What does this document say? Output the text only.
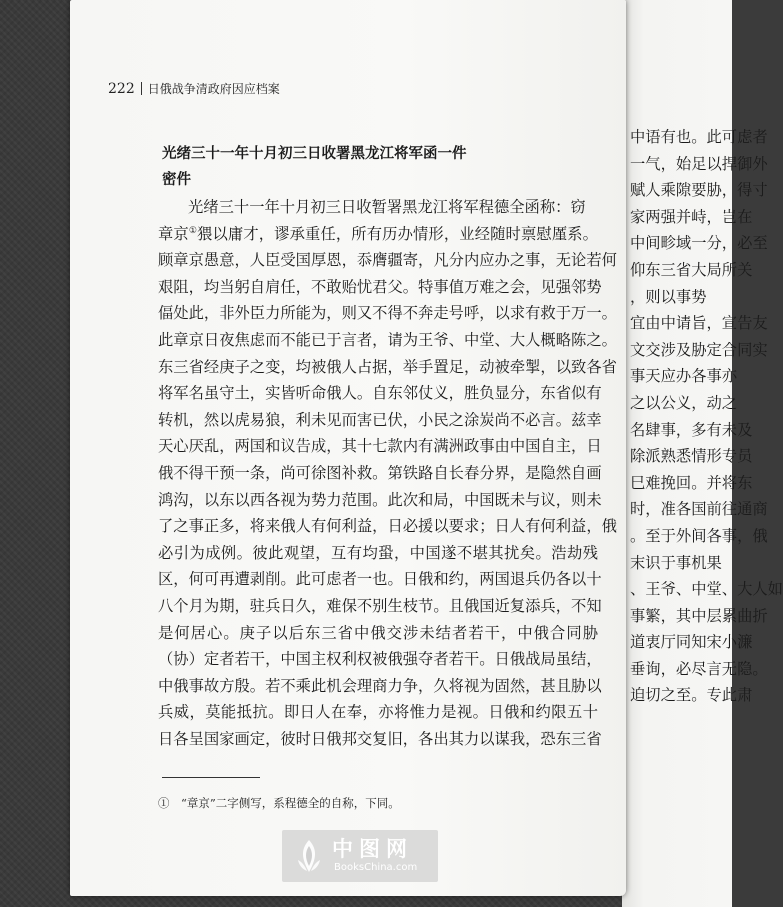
中语有也。此可虑者
一气，始足以捍御外
赋人乘隙要胁，得寸
家两强并峙，岂在
中间畛域一分，必至
仰东三省大局所关
，则以事势
宜由中请旨，宣告友
文交涉及胁定合同实
事天应办各事亦
之以公义，动之
名肆事，多有未及
除派熟悉情形专员
巳难挽回。并将东
时，准各国前往通商
。至于外间各事，俄
末识于事机果
、王爷、中堂、大人如
事繁，其中层累曲折
道衷厅同知宋小濂
垂询，必尽言无隐。
迫切之至。专此肃
222 日俄战争清政府因应档案
光绪三十一年十月初三日收署黑龙江将军函一件
密件
光绪三十一年十月初三日收暂署黑龙江将军程德全函称：窃
章京①猥以庸才，谬承重任，所有历办情形，业经随时禀慰厪系。
顾章京愚意，人臣受国厚恩，忝膺疆寄，凡分内应办之事，无论若何
艰阻，均当躬自肩任，不敢贻忧君父。特事值万难之会，见强邻势
偪处此，非外臣力所能为，则又不得不奔走号呼，以求有救于万一。
此章京日夜焦虑而不能已于言者，请为王爷、中堂、大人概略陈之。
东三省经庚子之变，均被俄人占据，举手置足，动被牵掣，以致各省
将军名虽守土，实皆听命俄人。自东邻仗义，胜负显分，东省似有
转机，然以虎易狼，利未见而害已伏，小民之涂炭尚不必言。兹幸
天心厌乱，两国和议告成，其十七款内有满洲政事由中国自主，日
俄不得干预一条，尚可徐图补救。第铁路自长春分界，是隐然自画
鸿沟，以东以西各视为势力范围。此次和局，中国既未与议，则未
了之事正多，将来俄人有何利益，日必援以要求；日人有何利益，俄
必引为成例。彼此观望，互有均蛩，中国遂不堪其扰矣。浩劫残
区，何可再遭剥削。此可虑者一也。日俄和约，两国退兵仍各以十
八个月为期，驻兵日久，难保不别生枝节。且俄国近复添兵，不知
是何居心。庚子以后东三省中俄交涉未结者若干，中俄合同胁
（协）定者若干，中国主权利权被俄强夺者若干。日俄战局虽结，
中俄事故方殷。若不乘此机会理商力争，久将视为固然，甚且胁以
兵威，莫能抵抗。即日人在奉，亦将惟力是视。日俄和约限五十
日各呈国家画定，彼时日俄邦交复旧，各出其力以谋我，恐东三省
①　“章京”二字侧写，系程德全的自称，下同。
中图网
BooksChina.com
